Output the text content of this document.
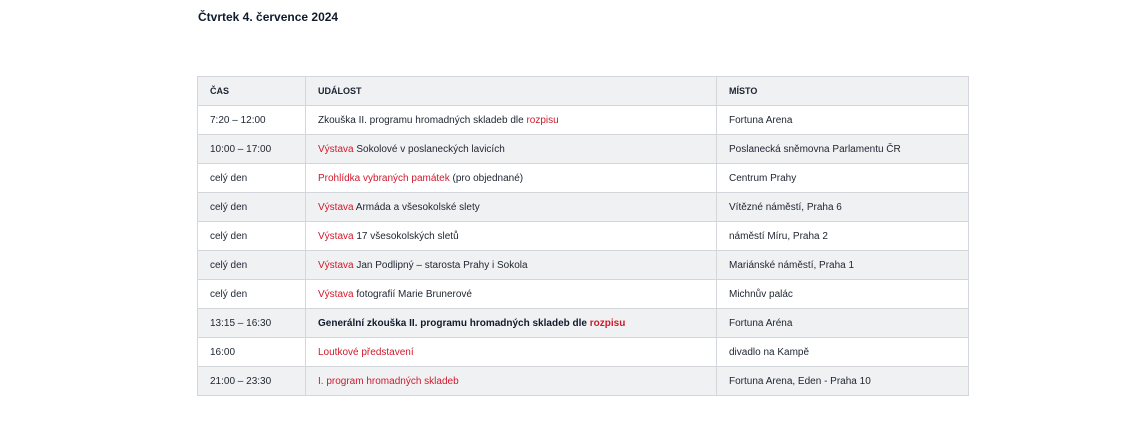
Čtvrtek 4. července 2024
ČAS	UDÁLOST	MÍSTO
7:20 – 12:00	Zkouška II. programu hromadných skladeb dle rozpisu	Fortuna Arena
10:00 – 17:00	Výstava Sokolové v poslaneckých lavicích	Poslanecká sněmovna Parlamentu ČR
celý den	Prohlídka vybraných památek (pro objednané)	Centrum Prahy
celý den	Výstava Armáda a všesokolské slety	Vítězné náměstí, Praha 6
celý den	Výstava 17 všesokolských sletů	náměstí Míru, Praha 2
celý den	Výstava Jan Podlipný – starosta Prahy i Sokola	Mariánské náměstí, Praha 1
celý den	Výstava fotografií Marie Brunerové	Michnův palác
13:15 – 16:30	Generální zkouška II. programu hromadných skladeb dle rozpisu	Fortuna Aréna
16:00	Loutkové představení	divadlo na Kampě
21:00 – 23:30	I. program hromadných skladeb	Fortuna Arena, Eden - Praha 10
